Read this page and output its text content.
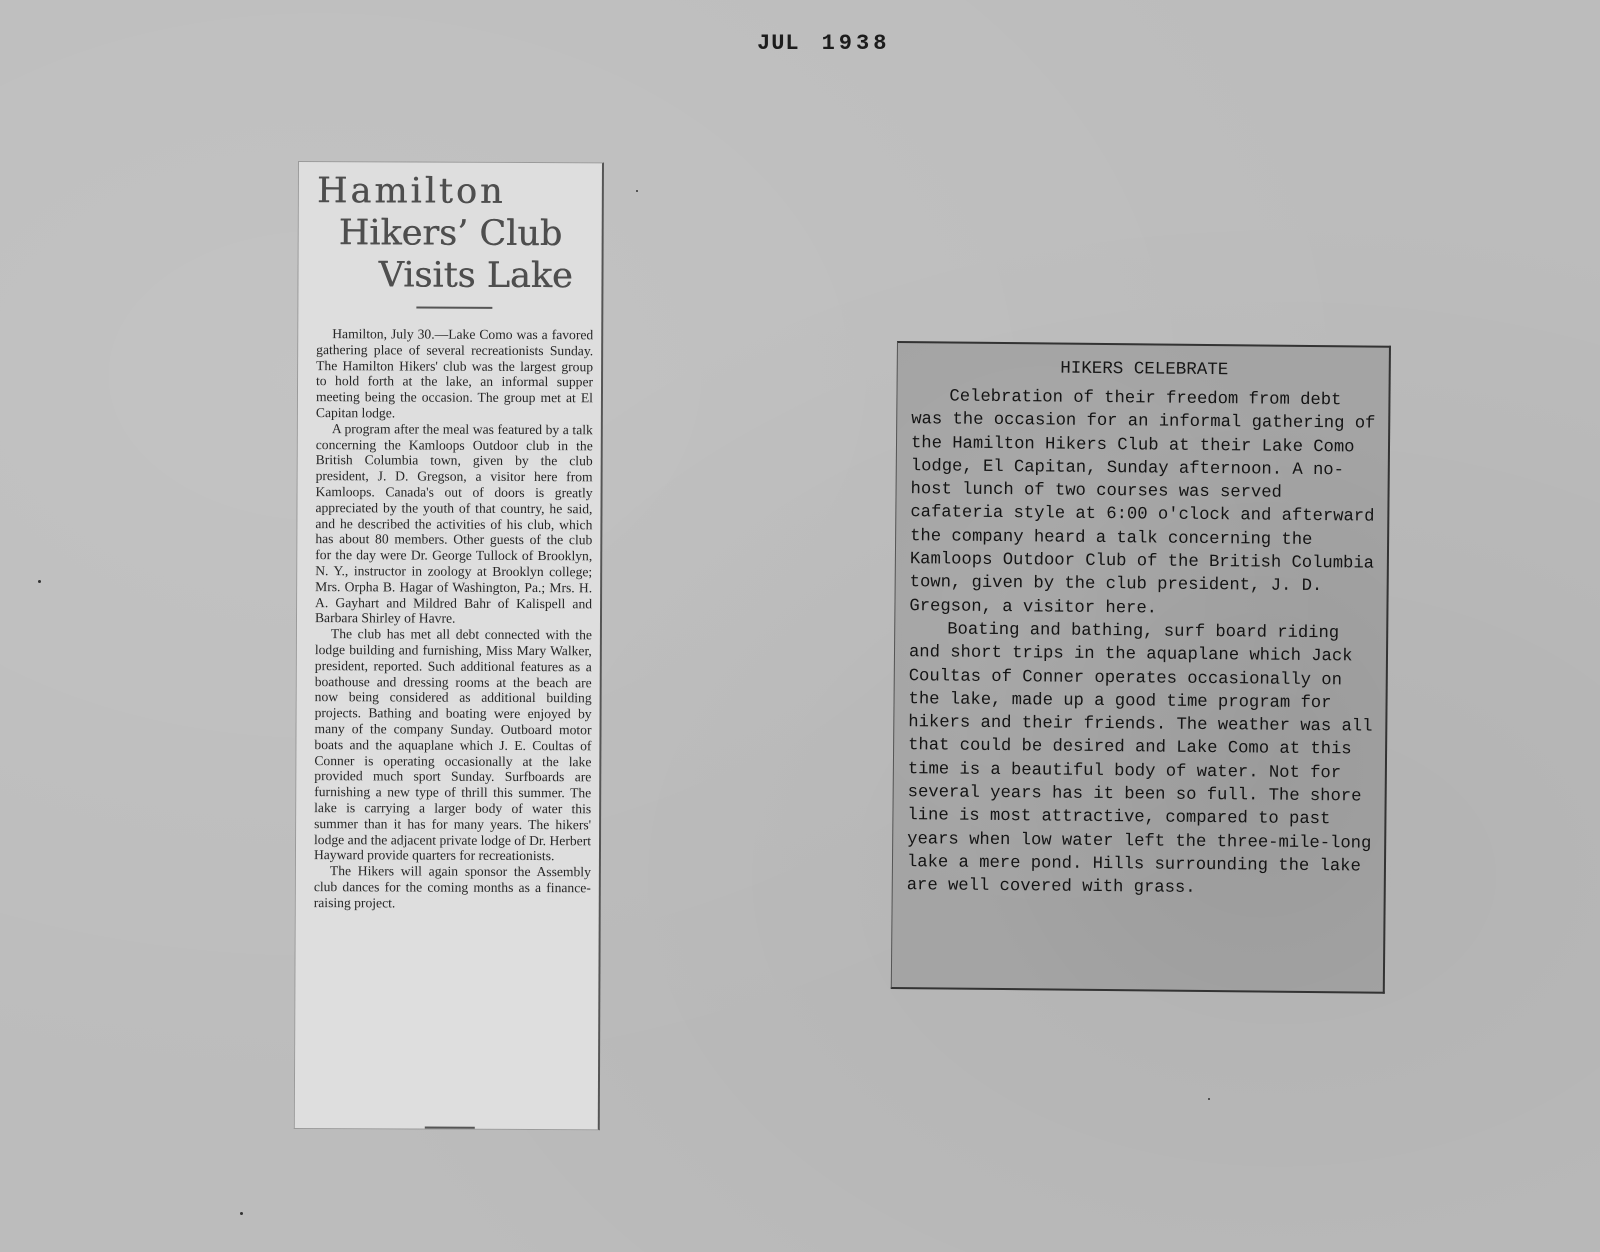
JUL 1938
Hamilton
Hikers’ Club
Visits Lake

Hamilton, July 30.—Lake Como was a favored gathering place of several recreationists Sunday. The Hamilton Hikers' club was the largest group to hold forth at the lake, an informal supper meeting being the occasion. The group met at El Capitan lodge.

A program after the meal was featured by a talk concerning the Kamloops Outdoor club in the British Columbia town, given by the club president, J. D. Gregson, a visitor here from Kamloops. Canada's out of doors is greatly appreciated by the youth of that country, he said, and he described the activities of his club, which has about 80 members. Other guests of the club for the day were Dr. George Tullock of Brooklyn, N. Y., instructor in zoology at Brooklyn college; Mrs. Orpha B. Hagar of Washington, Pa.; Mrs. H. A. Gayhart and Mildred Bahr of Kalispell and Barbara Shirley of Havre.

The club has met all debt connected with the lodge building and furnishing, Miss Mary Walker, president, reported. Such additional features as a boathouse and dressing rooms at the beach are now being considered as additional building projects. Bathing and boating were enjoyed by many of the company Sunday. Outboard motor boats and the aquaplane which J. E. Coultas of Conner is operating occasionally at the lake provided much sport Sunday. Surfboards are furnishing a new type of thrill this summer. The lake is carrying a larger body of water this summer than it has for many years. The hikers' lodge and the adjacent private lodge of Dr. Herbert Hayward provide quarters for recreationists.

The Hikers will again sponsor the Assembly club dances for the coming months as a finance-raising project.

HIKERS CELEBRATE

Celebration of their freedom from debt was the occasion for an informal gathering of the Hamilton Hikers Club at their Lake Como lodge, El Capitan, Sunday afternoon. A no-host lunch of two courses was served cafateria style at 6:00 o'clock and afterward the company heard a talk concerning the Kamloops Outdoor Club of the British Columbia town, given by the club president, J. D. Gregson, a visitor here.

Boating and bathing, surf board riding and short trips in the aquaplane which Jack Coultas of Conner operates occasionally on the lake, made up a good time program for hikers and their friends. The weather was all that could be desired and Lake Como at this time is a beautiful body of water. Not for several years has it been so full. The shore line is most attractive, compared to past years when low water left the three-mile-long lake a mere pond. Hills surrounding the lake are well covered with grass.
